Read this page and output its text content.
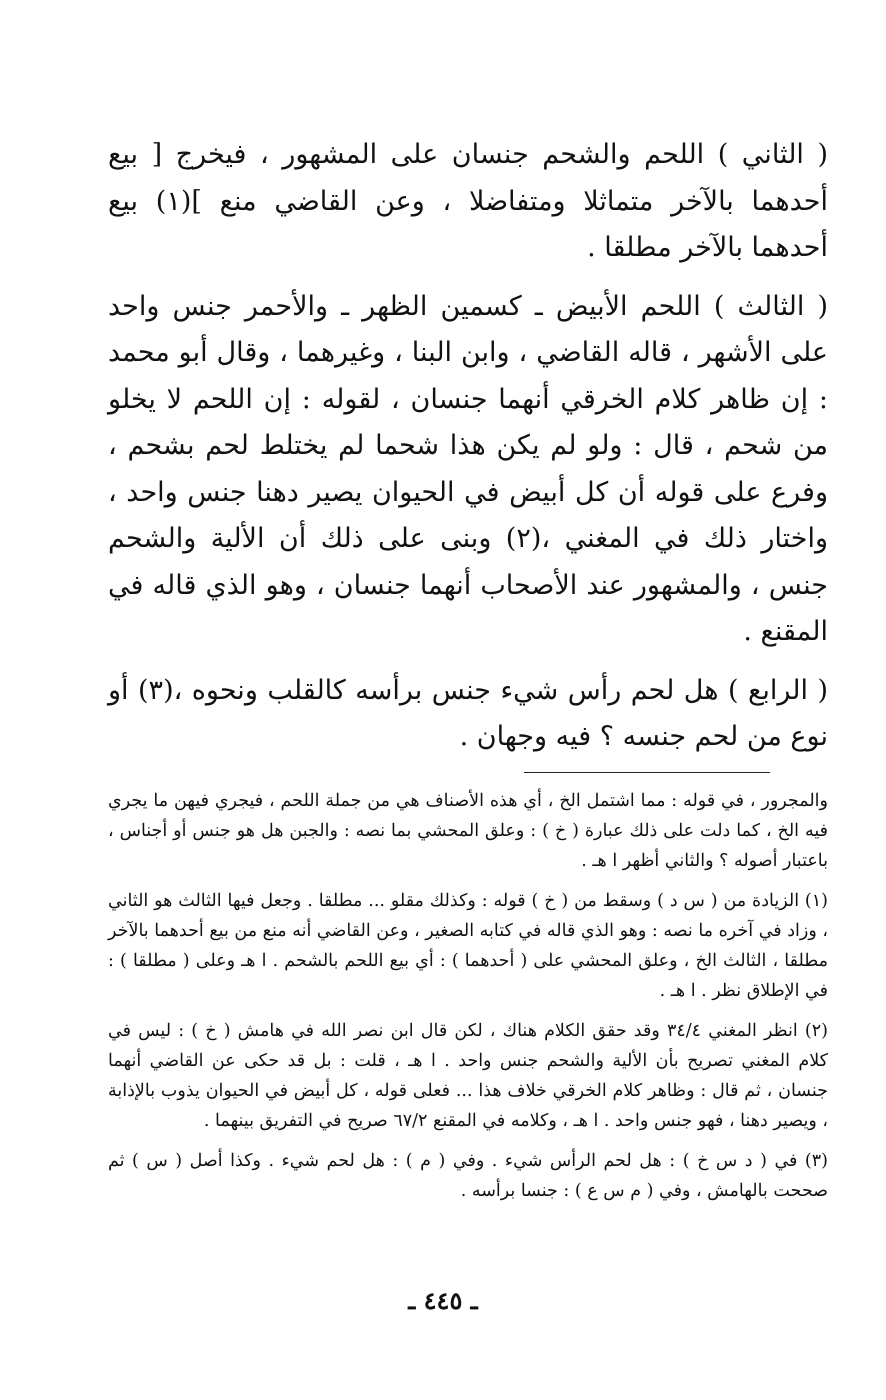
( الثاني ) اللحم والشحم جنسان على المشهور ، فيخرج [ بيع أحدهما بالآخر متماثلا ومتفاضلا ، وعن القاضي منع ](١) بيع أحدهما بالآخر مطلقا .

( الثالث ) اللحم الأبيض ـ كسمين الظهر ـ والأحمر جنس واحد على الأشهر ، قاله القاضي ، وابن البنا ، وغيرهما ، وقال أبو محمد : إن ظاهر كلام الخرقي أنهما جنسان ، لقوله : إن اللحم لا يخلو من شحم ، قال : ولو لم يكن هذا شحما لم يختلط لحم بشحم ، وفرع على قوله أن كل أبيض في الحيوان يصير دهنا جنس واحد ، واختار ذلك في المغني ،(٢) وبنى على ذلك أن الألية والشحم جنس ، والمشهور عند الأصحاب أنهما جنسان ، وهو الذي قاله في المقنع .

( الرابع ) هل لحم رأس شيء جنس برأسه كالقلب ونحوه ،(٣) أو نوع من لحم جنسه ؟ فيه وجهان .

والمجرور ، في قوله : مما اشتمل الخ ، أي هذه الأصناف هي من جملة اللحم ، فيجري فيهن ما يجري فيه الخ ، كما دلت على ذلك عبارة ( خ ) : وعلق المحشي بما نصه : والجبن هل هو جنس أو أجناس ، باعتبار أصوله ؟ والثاني أظهر ا هـ .

(١) الزيادة من ( س د ) وسقط من ( خ ) قوله : وكذلك مقلو ... مطلقا . وجعل فيها الثالث هو الثاني ، وزاد في آخره ما نصه : وهو الذي قاله في كتابه الصغير ، وعن القاضي أنه منع من بيع أحدهما بالآخر مطلقا ، الثالث الخ ، وعلق المحشي على ( أحدهما ) : أي بيع اللحم بالشحم . ا هـ وعلى ( مطلقا ) : في الإطلاق نظر . ا هـ .

(٢) انظر المغني ٣٤/٤ وقد حقق الكلام هناك ، لكن قال ابن نصر الله في هامش ( خ ) : ليس في كلام المغني تصريح بأن الألية والشحم جنس واحد . ا هـ ، قلت : بل قد حكى عن القاضي أنهما جنسان ، ثم قال : وظاهر كلام الخرقي خلاف هذا ... فعلى قوله ، كل أبيض في الحيوان يذوب بالإذابة ، ويصير دهنا ، فهو جنس واحد . ا هـ ، وكلامه في المقنع ٦٧/٢ صريح في التفريق بينهما .

(٣) في ( د س خ ) : هل لحم الرأس شيء . وفي ( م ) : هل لحم شيء . وكذا أصل ( س ) ثم صححت بالهامش ، وفي ( م س ع ) : جنسا برأسه .

ـ ٤٤٥ ـ
